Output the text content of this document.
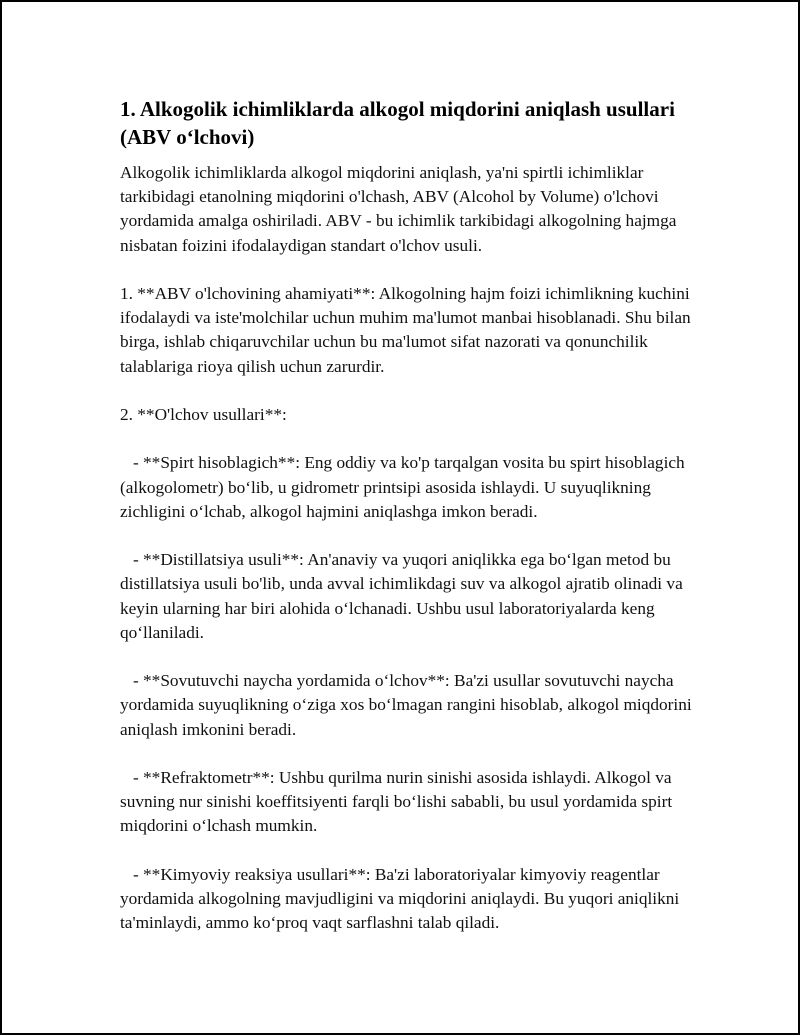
1. Alkogolik ichimliklarda alkogol miqdorini aniqlash usullari (ABV o‘lchovi)

Alkogolik ichimliklarda alkogol miqdorini aniqlash, ya'ni spirtli ichimliklar tarkibidagi etanolning miqdorini o'lchash, ABV (Alcohol by Volume) o'lchovi yordamida amalga oshiriladi. ABV - bu ichimlik tarkibidagi alkogolning hajmga nisbatan foizini ifodalaydigan standart o'lchov usuli.

1. **ABV o'lchovining ahamiyati**: Alkogolning hajm foizi ichimlikning kuchini ifodalaydi va iste'molchilar uchun muhim ma'lumot manbai hisoblanadi. Shu bilan birga, ishlab chiqaruvchilar uchun bu ma'lumot sifat nazorati va qonunchilik talablariga rioya qilish uchun zarurdir.

2. **O'lchov usullari**:

- **Spirt hisoblagich**: Eng oddiy va ko'p tarqalgan vosita bu spirt hisoblagich (alkogolometr) bo‘lib, u gidrometr printsipi asosida ishlaydi. U suyuqlikning zichligini o‘lchab, alkogol hajmini aniqlashga imkon beradi.

- **Distillatsiya usuli**: An'anaviy va yuqori aniqlikka ega bo‘lgan metod bu distillatsiya usuli bo'lib, unda avval ichimlikdagi suv va alkogol ajratib olinadi va keyin ularning har biri alohida o‘lchanadi. Ushbu usul laboratoriyalarda keng qo‘llaniladi.

- **Sovutuvchi naycha yordamida o‘lchov**: Ba'zi usullar sovutuvchi naycha yordamida suyuqlikning o‘ziga xos bo‘lmagan rangini hisoblab, alkogol miqdorini aniqlash imkonini beradi.

- **Refraktometr**: Ushbu qurilma nurin sinishi asosida ishlaydi. Alkogol va suvning nur sinishi koeffitsiyenti farqli bo‘lishi sababli, bu usul yordamida spirt miqdorini o‘lchash mumkin.

- **Kimyoviy reaksiya usullari**: Ba'zi laboratoriyalar kimyoviy reagentlar yordamida alkogolning mavjudligini va miqdorini aniqlaydi. Bu yuqori aniqlikni ta'minlaydi, ammo ko‘proq vaqt sarflashni talab qiladi.
